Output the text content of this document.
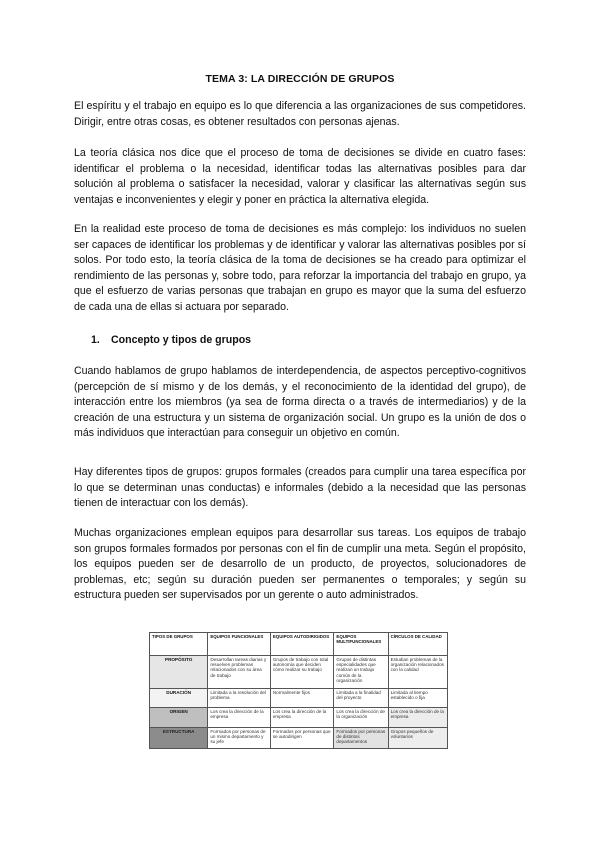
TEMA 3: LA DIRECCIÓN DE GRUPOS

El espíritu y el trabajo en equipo es lo que diferencia a las organizaciones de sus competidores. Dirigir, entre otras cosas, es obtener resultados con personas ajenas.

La teoría clásica nos dice que el proceso de toma de decisiones se divide en cuatro fases: identificar el problema o la necesidad, identificar todas las alternativas posibles para dar solución al problema o satisfacer la necesidad, valorar y clasificar las alternativas según sus ventajas e inconvenientes y elegir y poner en práctica la alternativa elegida.

En la realidad este proceso de toma de decisiones es más complejo: los individuos no suelen ser capaces de identificar los problemas y de identificar y valorar las alternativas posibles por sí solos. Por todo esto, la teoría clásica de la toma de decisiones se ha creado para optimizar el rendimiento de las personas y, sobre todo, para reforzar la importancia del trabajo en grupo, ya que el esfuerzo de varias personas que trabajan en grupo es mayor que la suma del esfuerzo de cada una de ellas si actuara por separado.

1. Concepto y tipos de grupos

Cuando hablamos de grupo hablamos de interdependencia, de aspectos perceptivo-cognitivos (percepción de sí mismo y de los demás, y el reconocimiento de la identidad del grupo), de interacción entre los miembros (ya sea de forma directa o a través de intermediarios) y de la creación de una estructura y un sistema de organización social. Un grupo es la unión de dos o más individuos que interactúan para conseguir un objetivo en común.

Hay diferentes tipos de grupos: grupos formales (creados para cumplir una tarea específica por lo que se determinan unas conductas) e informales (debido a la necesidad que las personas tienen de interactuar con los demás).

Muchas organizaciones emplean equipos para desarrollar sus tareas. Los equipos de trabajo son grupos formales formados por personas con el fin de cumplir una meta. Según el propósito, los equipos pueden ser de desarrollo de un producto, de proyectos, solucionadores de problemas, etc; según su duración pueden ser permanentes o temporales; y según su estructura pueden ser supervisados por un gerente o auto administrados.

TIPOS DE GRUPOS	EQUIPOS FUNCIONALES	EQUIPOS AUTODIRIGIDOS	EQUIPOS MULTIFUNCIONALES	CÍRCULOS DE CALIDAD
PROPÓSITO	Desarrollan tareas diarias y resuelven problemas relacionados con su área de trabajo	Grupos de trabajo con total autonomía que deciden cómo realizar su trabajo	Grupos de distintas especialidades que realizan un trabajo común de la organización	Estudian problemas de la organización relacionados con la calidad
DURACIÓN	Limitada a la resolución del problema	Normalmente fijos	Limitada a la finalidad del proyecto	Limitada al tiempo establecido o fija
ORIGEN	Los crea la dirección de la empresa	Los crea la dirección de la empresa	Los crea la dirección de la organización	Los crea la dirección de la empresa
ESTRUCTURA	Formados por personas de un mismo departamento y su jefe	Formados por personas que se autodirigen	Formados por personas de distintos departamentos	Grupos pequeños de voluntarios
